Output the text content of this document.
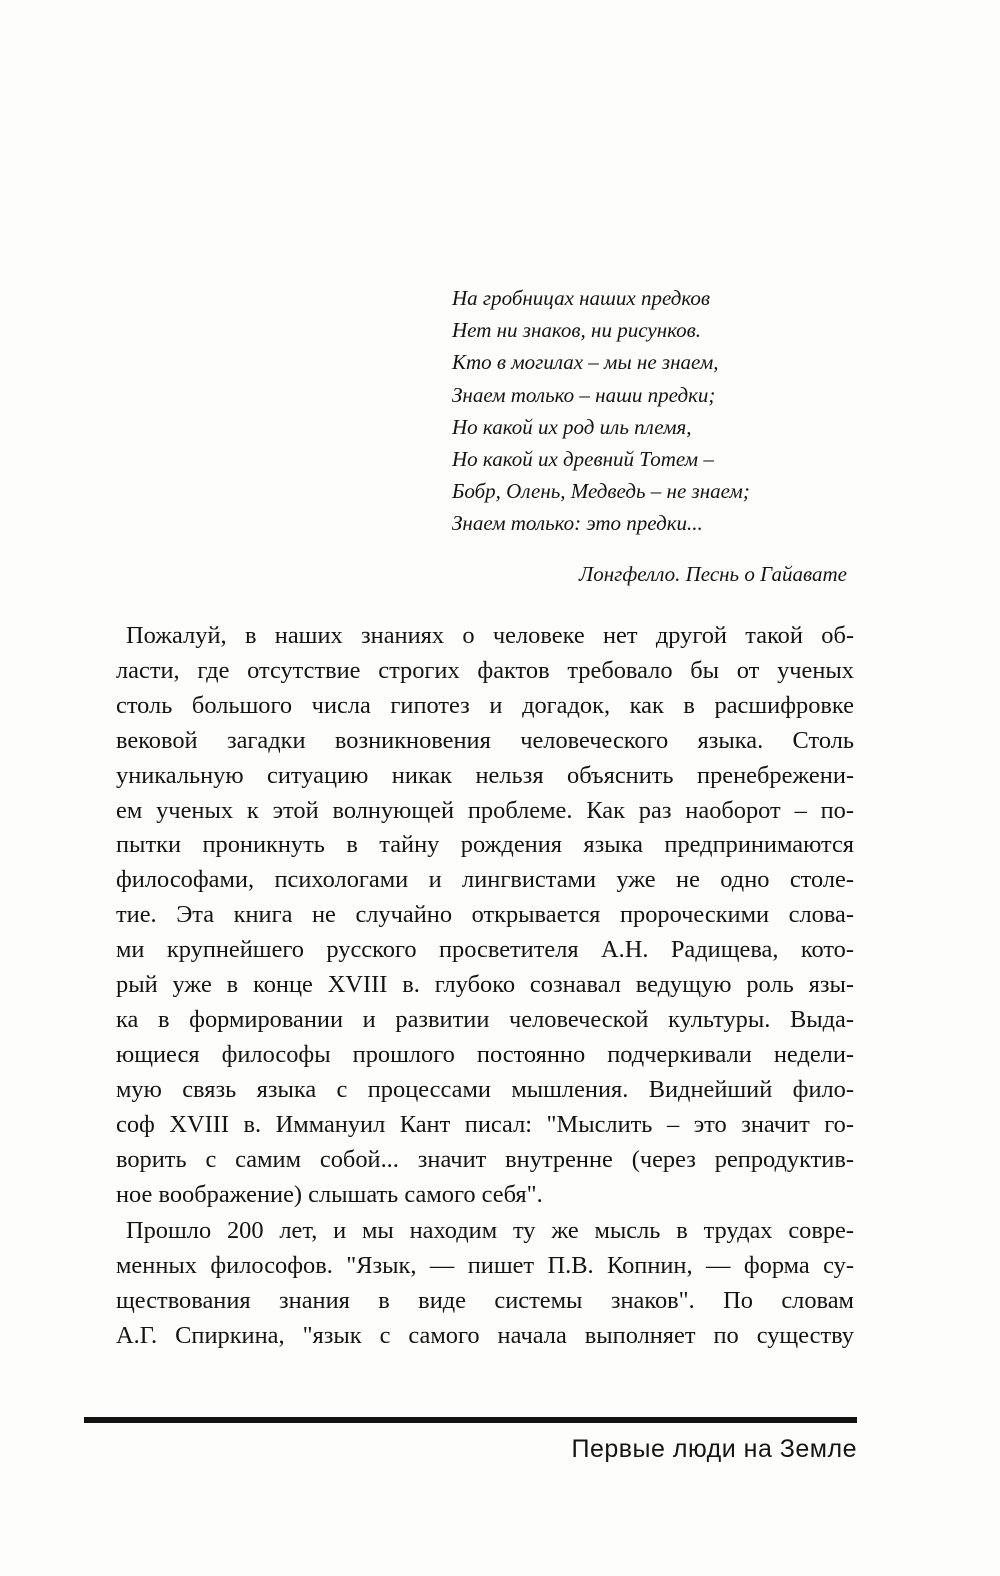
На гробницах наших предков
Нет ни знаков, ни рисунков.
Кто в могилах – мы не знаем,
Знаем только – наши предки;
Но какой их род иль племя,
Но какой их древний Тотем –
Бобр, Олень, Медведь – не знаем;
Знаем только: это предки...
Лонгфелло. Песнь о Гайавате
Пожалуй, в наших знаниях о человеке нет другой такой об-
ласти, где отсутствие строгих фактов требовало бы от ученых
столь большого числа гипотез и догадок, как в расшифровке
вековой загадки возникновения человеческого языка. Столь
уникальную ситуацию никак нельзя объяснить пренебрежени-
ем ученых к этой волнующей проблеме. Как раз наоборот – по-
пытки проникнуть в тайну рождения языка предпринимаются
философами, психологами и лингвистами уже не одно столе-
тие. Эта книга не случайно открывается пророческими слова-
ми крупнейшего русского просветителя А.Н. Радищева, кото-
рый уже в конце XVIII в. глубоко сознавал ведущую роль язы-
ка в формировании и развитии человеческой культуры. Выда-
ющиеся философы прошлого постоянно подчеркивали недели-
мую связь языка с процессами мышления. Виднейший фило-
соф XVIII в. Иммануил Кант писал: "Мыслить – это значит го-
ворить с самим собой... значит внутренне (через репродуктив-
ное воображение) слышать самого себя".
Прошло 200 лет, и мы находим ту же мысль в трудах совре-
менных философов. "Язык, — пишет П.В. Копнин, — форма су-
ществования знания в виде системы знаков". По словам
А.Г. Спиркина, "язык с самого начала выполняет по существу
Первые люди на Земле
